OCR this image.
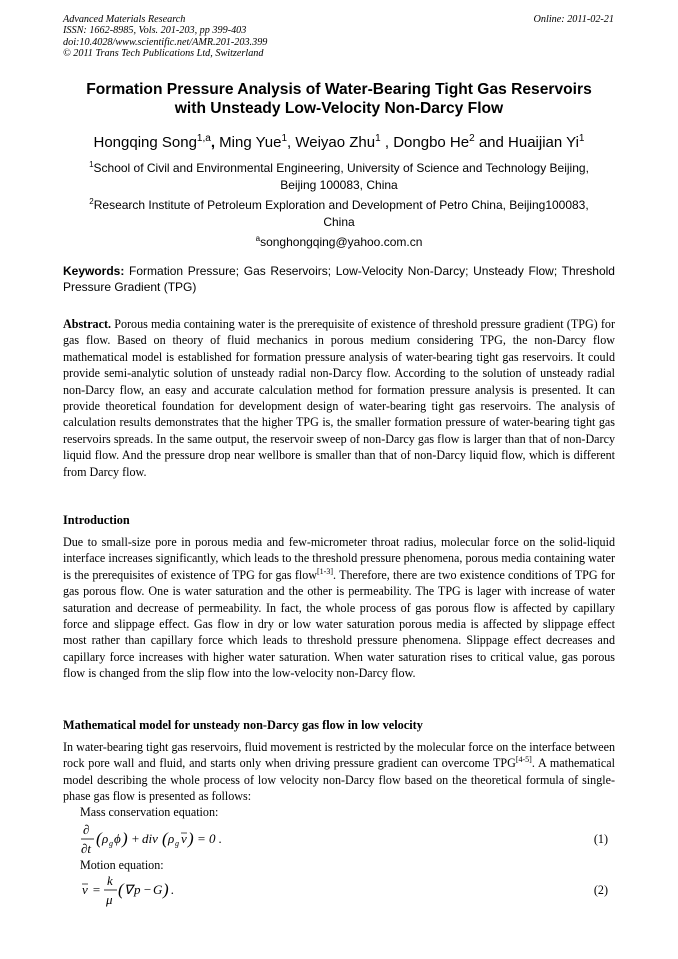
Advanced Materials Research
ISSN: 1662-8985, Vols. 201-203, pp 399-403
doi:10.4028/www.scientific.net/AMR.201-203.399
© 2011 Trans Tech Publications Ltd, Switzerland
Online: 2011-02-21
Formation Pressure Analysis of Water-Bearing Tight Gas Reservoirs
with Unsteady Low-Velocity Non-Darcy Flow
Hongqing Song$^{1,a}$, Ming Yue$^1$, Weiyao Zhu$^1$ , Dongbo He$^2$ and Huaijian Yi$^1$
$^1$School of Civil and Environmental Engineering, University of Science and Technology Beijing,
Beijing 100083, China
$^2$Research Institute of Petroleum Exploration and Development of Petro China, Beijing100083,
China
$^a$songhongqing@yahoo.com.cn
Keywords: Formation Pressure; Gas Reservoirs; Low-Velocity Non-Darcy; Unsteady Flow; Threshold Pressure Gradient (TPG)
Abstract. Porous media containing water is the prerequisite of existence of threshold pressure gradient (TPG) for gas flow. Based on theory of fluid mechanics in porous medium considering TPG, the non-Darcy flow mathematical model is established for formation pressure analysis of water-bearing tight gas reservoirs. It could provide semi-analytic solution of unsteady radial non-Darcy flow. According to the solution of unsteady radial non-Darcy flow, an easy and accurate calculation method for formation pressure analysis is presented. It can provide theoretical foundation for development design of water-bearing tight gas reservoirs. The analysis of calculation results demonstrates that the higher TPG is, the smaller formation pressure of water-bearing tight gas reservoirs spreads. In the same output, the reservoir sweep of non-Darcy gas flow is larger than that of non-Darcy liquid flow. And the pressure drop near wellbore is smaller than that of non-Darcy liquid flow, which is different from Darcy flow.
Introduction
Due to small-size pore in porous media and few-micrometer throat radius, molecular force on the solid-liquid interface increases significantly, which leads to the threshold pressure phenomena, porous media containing water is the prerequisites of existence of TPG for gas flow[1-3]. Therefore, there are two existence conditions of TPG for gas porous flow. One is water saturation and the other is permeability. The TPG is lager with increase of water saturation and decrease of permeability. In fact, the whole process of gas porous flow is affected by capillary force and slippage effect. Gas flow in dry or low water saturation porous media is affected by slippage effect most rather than capillary force which leads to threshold pressure phenomena. Slippage effect decreases and capillary force increases with higher water saturation. When water saturation rises to critical value, gas porous flow is changed from the slip flow into the low-velocity non-Darcy flow.
Mathematical model for unsteady non-Darcy gas flow in low velocity
In water-bearing tight gas reservoirs, fluid movement is restricted by the molecular force on the interface between rock pore wall and fluid, and starts only when driving pressure gradient can overcome TPG[4-5]. A mathematical model describing the whole process of low velocity non-Darcy flow based on the theoretical formula of single-phase gas flow is presented as follows:
Mass conservation equation:
∂
∂t
( ρ g ϕ ) + div ( ρ g v ) = 0 .	(1)
Motion equation:
v =
k
μ
( ∇ p − G ) .	(2)
